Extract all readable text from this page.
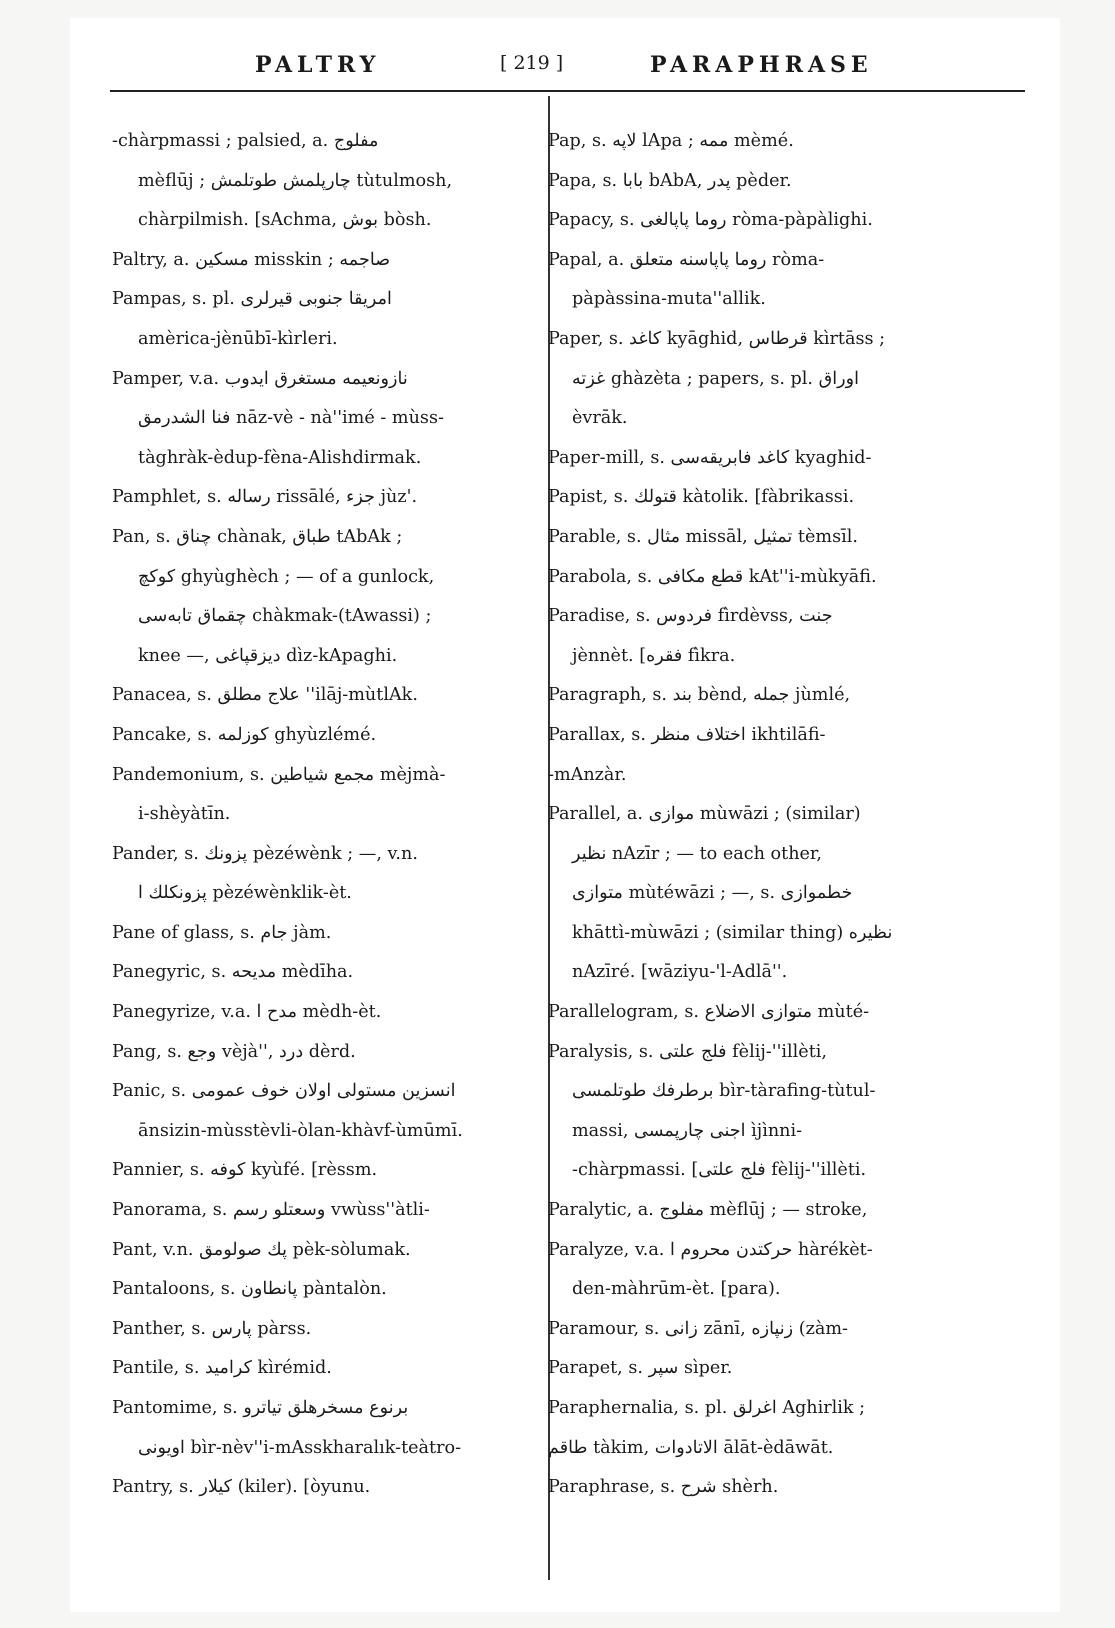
PALTRY	[ 219 ]	PARAPHRASE
-chàrpmassi ; palsied, a. مفلوج
mèflūj ; چارپلمش طوتلمش tùtulmosh,
chàrpilmish. [sAchma, بوش bòsh.
Paltry, a. مسكين misskin ; صاجمه
Pampas, s. pl. امريقا جنوبى قيرلرى
amèrica-jènūbī-kìrleri.
Pamper, v.a. نازونعيمه مستغرق ايدوب
فنا الشدرمق nāz-vè - nà''imé - mùss-
tàghràk-èdup-fèna-Alishdirmak.
Pamphlet, s. رساله rissālé, جزء jùz'.
Pan, s. چناق chànak, طباق tAbAk ;
كوكچ ghyùghèch ; — of a gunlock,
چقماق تابه‌سى chàkmak-(tAwassi) ;
knee —, ديزقپاغى dìz-kApaghi.
Panacea, s. علاج مطلق ''ilāj-mùtlAk.
Pancake, s. كوزلمه ghyùzlémé.
Pandemonium, s. مجمع شياطين mèjmà-
i-shèyàtīn.
Pander, s. پزونك pèzéwènk ; —, v.n.
پزونكلك ا pèzéwènklik-èt.
Pane of glass, s. جام jàm.
Panegyric, s. مديحه mèdīha.
Panegyrize, v.a. مدح ا mèdh-èt.
Pang, s. وجع vèjà'', درد dèrd.
Panic, s. انسزين مستولى اولان خوف عمومى
ānsizin-mùsstèvli-òlan-khàvf-ùmūmī.
Pannier, s. كوفه kyùfé. [rèssm.
Panorama, s. وسعتلو رسم vwùss''àtli-
Pant, v.n. پك صولومق pèk-sòlumak.
Pantaloons, s. پانطاون pàntalòn.
Panther, s. پارس pàrss.
Pantile, s. كراميد kìrémid.
Pantomime, s. برنوع مسخرهلق تياترو
اويونى bìr-nèv''i-mAsskharalık-teàtro-
Pantry, s. كيلار (kiler). [òyunu.
Pap, s. لاپه lApa ; ممه mèmé.
Papa, s. بابا bAbA, پدر pèder.
Papacy, s. روما پاپالغى ròma-pàpàlighi.
Papal, a. روما پاپاسنه متعلق ròma-
pàpàssina-muta''allik.
Paper, s. كاغد kyāghid, قرطاس kìrtāss ;
غزته ghàzèta ; papers, s. pl. اوراق
èvrāk.
Paper-mill, s. كاغد فابريقه‌سى kyaghid-
Papist, s. قتولك kàtolik. [fàbrikassi.
Parable, s. مثال missāl, تمثيل tèmsīl.
Parabola, s. قطع مكافى kAt''i-mùkyāfi.
Paradise, s. فردوس fìrdèvss, جنت
jènnèt. [فقره fìkra.
Paragraph, s. بند bènd, جمله jùmlé,
Parallax, s. اختلاف منظر ikhtilāfi-
-mAnzàr.
Parallel, a. موازى mùwāzi ; (similar)
نظير nAzīr ; — to each other,
متوازى mùtéwāzi ; —, s. خطموازى
khāttì-mùwāzi ; (similar thing) نظيره
nAzīré. [wāziyu-'l-Adlā''.
Parallelogram, s. متوازى الاضلاع mùté-
Paralysis, s. فلج علتى fèlij-''illèti,
برطرفك طوتلمسى bìr-tàrafing-tùtul-
massi, اجنى چارپمسى ìjìnni-
-chàrpmassi. [فلج علتى fèlij-''illèti.
Paralytic, a. مفلوج mèflūj ; — stroke,
Paralyze, v.a. حركتدن محروم ا hàrékèt-
den-màhrūm-èt. [para).
Paramour, s. زانى zānī, زنپازه (zàm-
Parapet, s. سپر sìper.
Paraphernalia, s. pl. اغرلق Aghirlik ;
طاقم tàkim, الاتادوات ālāt-èdāwāt.
Paraphrase, s. شرح shèrh.
